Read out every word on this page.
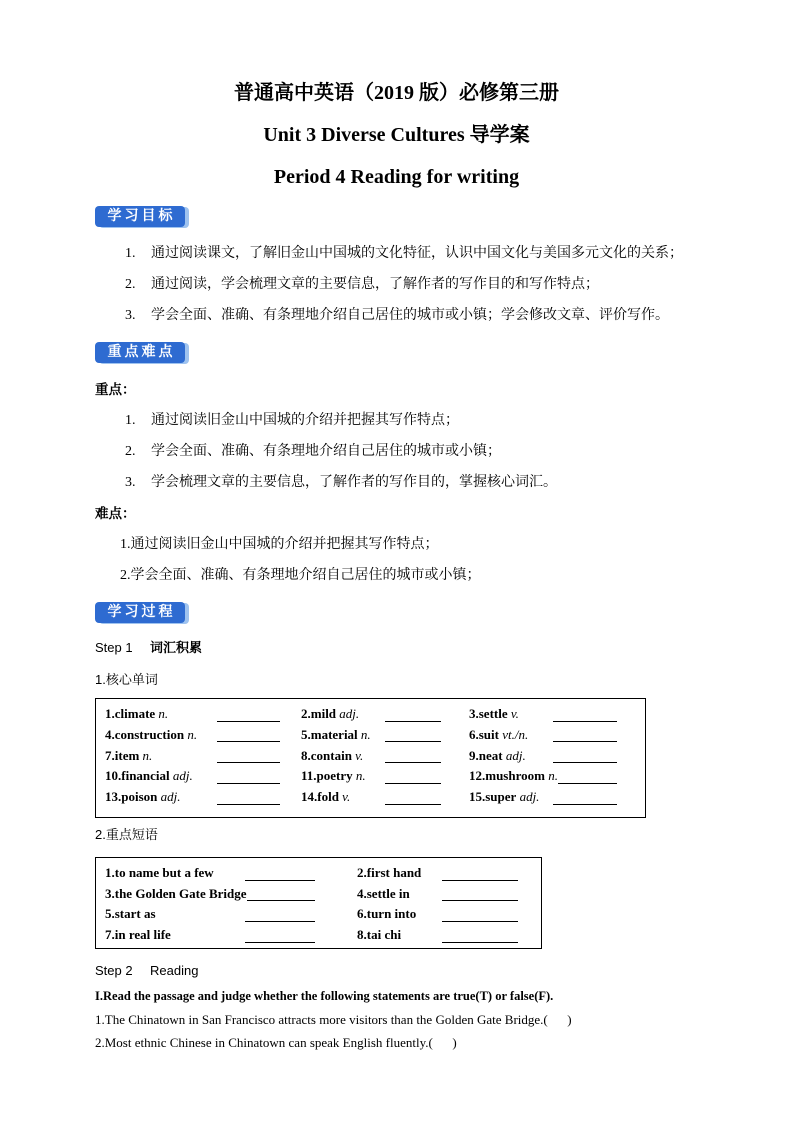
普通高中英语（2019 版）必修第三册
Unit 3 Diverse Cultures 导学案
Period 4 Reading for writing
学习目标
1. 通过阅读课文，了解旧金山中国城的文化特征，认识中国文化与美国多元文化的关系；
2. 通过阅读，学会梳理文章的主要信息，了解作者的写作目的和写作特点；
3. 学会全面、准确、有条理地介绍自己居住的城市或小镇；学会修改文章、评价写作。
重点难点
重点：
1. 通过阅读旧金山中国城的介绍并把握其写作特点；
2. 学会全面、准确、有条理地介绍自己居住的城市或小镇；
3. 学会梳理文章的主要信息，了解作者的写作目的，掌握核心词汇。
难点：
1.通过阅读旧金山中国城的介绍并把握其写作特点；
2.学会全面、准确、有条理地介绍自己居住的城市或小镇；
学习过程
Step 1 词汇积累
1.核心单词
1.climate n.	2.mild adj.	3.settle v.
4.construction n.	5.material n.	6.suit vt./n.
7.item n.	8.contain v.	9.neat adj.
10.financial adj.	11.poetry n.	12.mushroom n.
13.poison adj.	14.fold v.	15.super adj.
2.重点短语
1.to name but a few	2.first hand
3.the Golden Gate Bridge	4.settle in
5.start as	6.turn into
7.in real life	8.tai chi
Step 2 Reading
I.Read the passage and judge whether the following statements are true(T) or false(F).
1.The Chinatown in San Francisco attracts more visitors than the Golden Gate Bridge.(      )
2.Most ethnic Chinese in Chinatown can speak English fluently.(      )
